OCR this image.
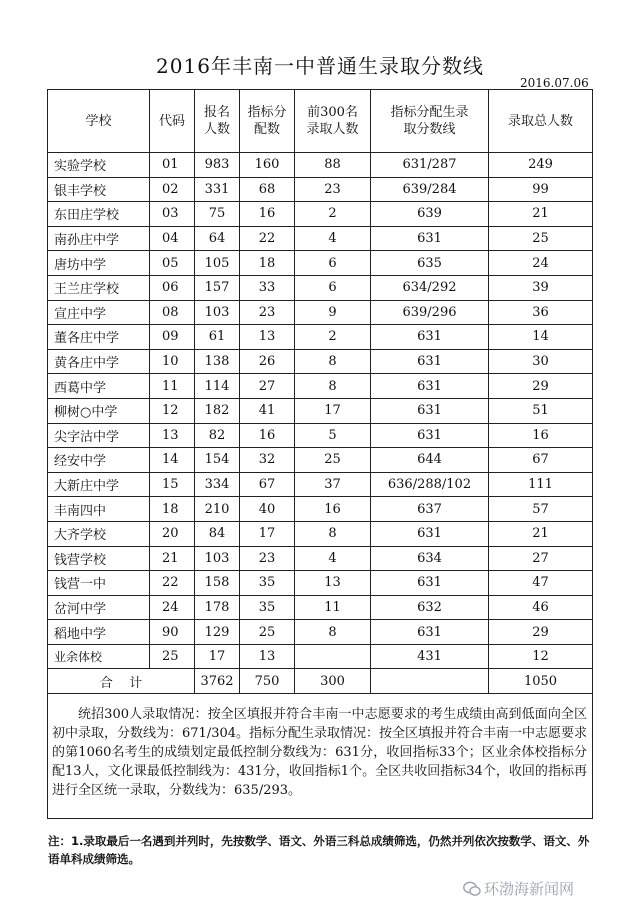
2016年丰南一中普通生录取分数线
2016.07.06
学校	代码	报名人数	指标分配数	前300名录取人数	指标分配生录取分数线	录取总人数
实验学校	01	983	160	88	631/287	249
银丰学校	02	331	68	23	639/284	99
东田庄学校	03	75	16	2	639	21
南孙庄中学	04	64	22	4	631	25
唐坊中学	05	105	18	6	635	24
王兰庄学校	06	157	33	6	634/292	39
宣庄中学	08	103	23	9	639/296	36
董各庄中学	09	61	13	2	631	14
黄各庄中学	10	138	26	8	631	30
西葛中学	11	114	27	8	631	29
柳树○中学	12	182	41	17	631	51
尖字沽中学	13	82	16	5	631	16
经安中学	14	154	32	25	644	67
大新庄中学	15	334	67	37	636/288/102	111
丰南四中	18	210	40	16	637	57
大齐学校	20	84	17	8	631	21
钱营学校	21	103	23	4	634	27
钱营一中	22	158	35	13	631	47
岔河中学	24	178	35	11	632	46
稻地中学	90	129	25	8	631	29
业余体校	25	17	13		431	12
合    计		3762	750	300		1050

统招300人录取情况：按全区填报并符合丰南一中志愿要求的考生成绩由高到低面向全区初中录取，分数线为：671/304。指标分配生录取情况：按全区填报并符合丰南一中志愿要求的第1060名考生的成绩划定最低控制分数线为：631分，收回指标33个；区业余体校指标分配13人，文化课最低控制线为：431分，收回指标1个。全区共收回指标34个，收回的指标再进行全区统一录取，分数线为：635/293。
注：1.录取最后一名遇到并列时，先按数学、语文、外语三科总成绩筛选，仍然并列依次按数学、语文、外语单科成绩筛选。
环渤海新闻网
